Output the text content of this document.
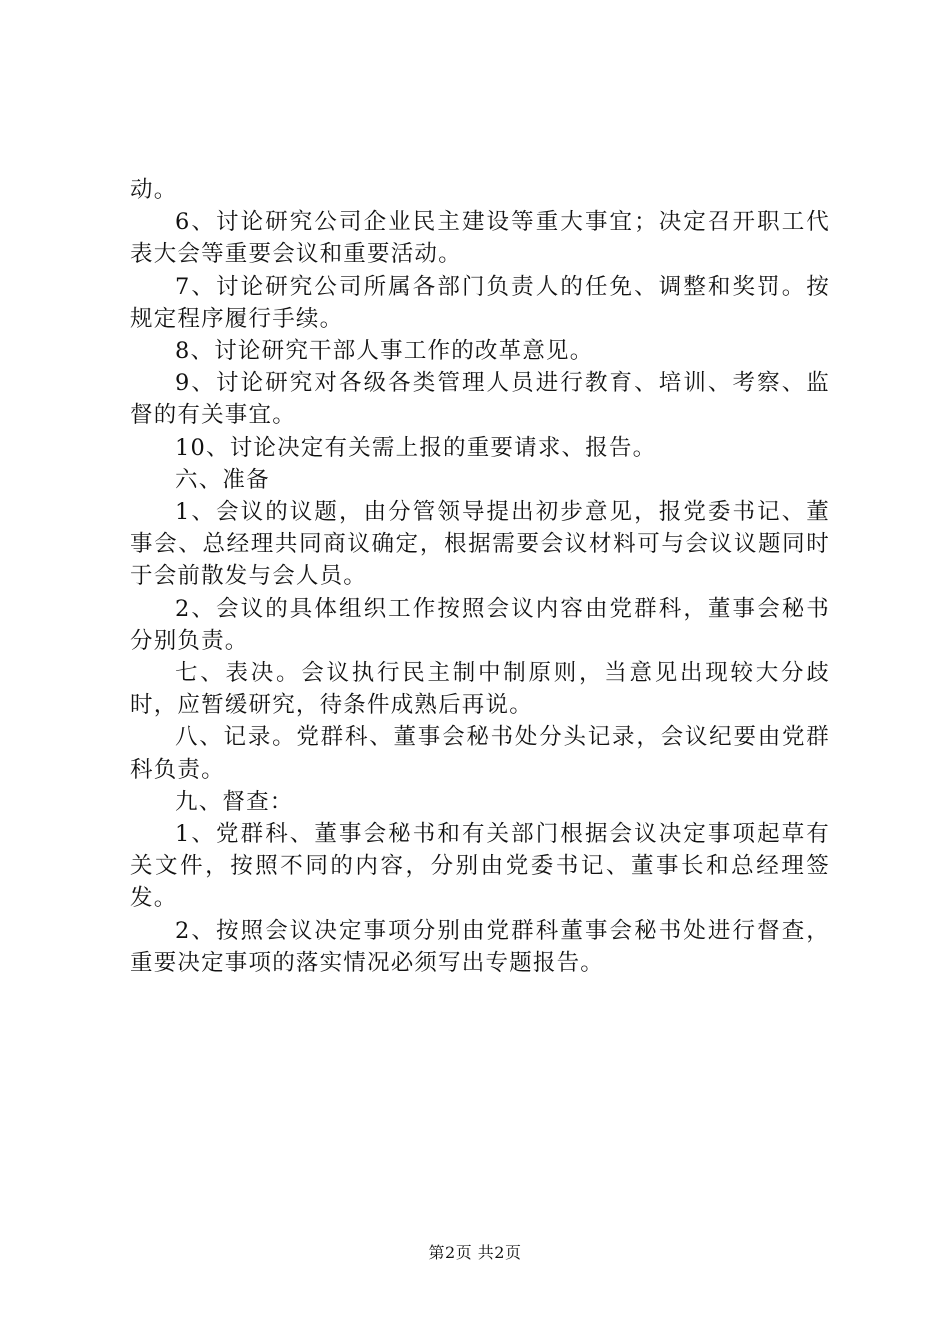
动。

6、讨论研究公司企业民主建设等重大事宜；决定召开职工代表大会等重要会议和重要活动。

7、讨论研究公司所属各部门负责人的任免、调整和奖罚。按规定程序履行手续。

8、讨论研究干部人事工作的改革意见。

9、讨论研究对各级各类管理人员进行教育、培训、考察、监督的有关事宜。

10、讨论决定有关需上报的重要请求、报告。

六、准备

1、会议的议题，由分管领导提出初步意见，报党委书记、董事会、总经理共同商议确定，根据需要会议材料可与会议议题同时于会前散发与会人员。

2、会议的具体组织工作按照会议内容由党群科，董事会秘书分别负责。

七、表决。会议执行民主制中制原则，当意见出现较大分歧时，应暂缓研究，待条件成熟后再说。

八、记录。党群科、董事会秘书处分头记录，会议纪要由党群科负责。

九、督查：

1、党群科、董事会秘书和有关部门根据会议决定事项起草有关文件，按照不同的内容，分别由党委书记、董事长和总经理签发。

2、按照会议决定事项分别由党群科董事会秘书处进行督查，重要决定事项的落实情况必须写出专题报告。

第2页 共2页
